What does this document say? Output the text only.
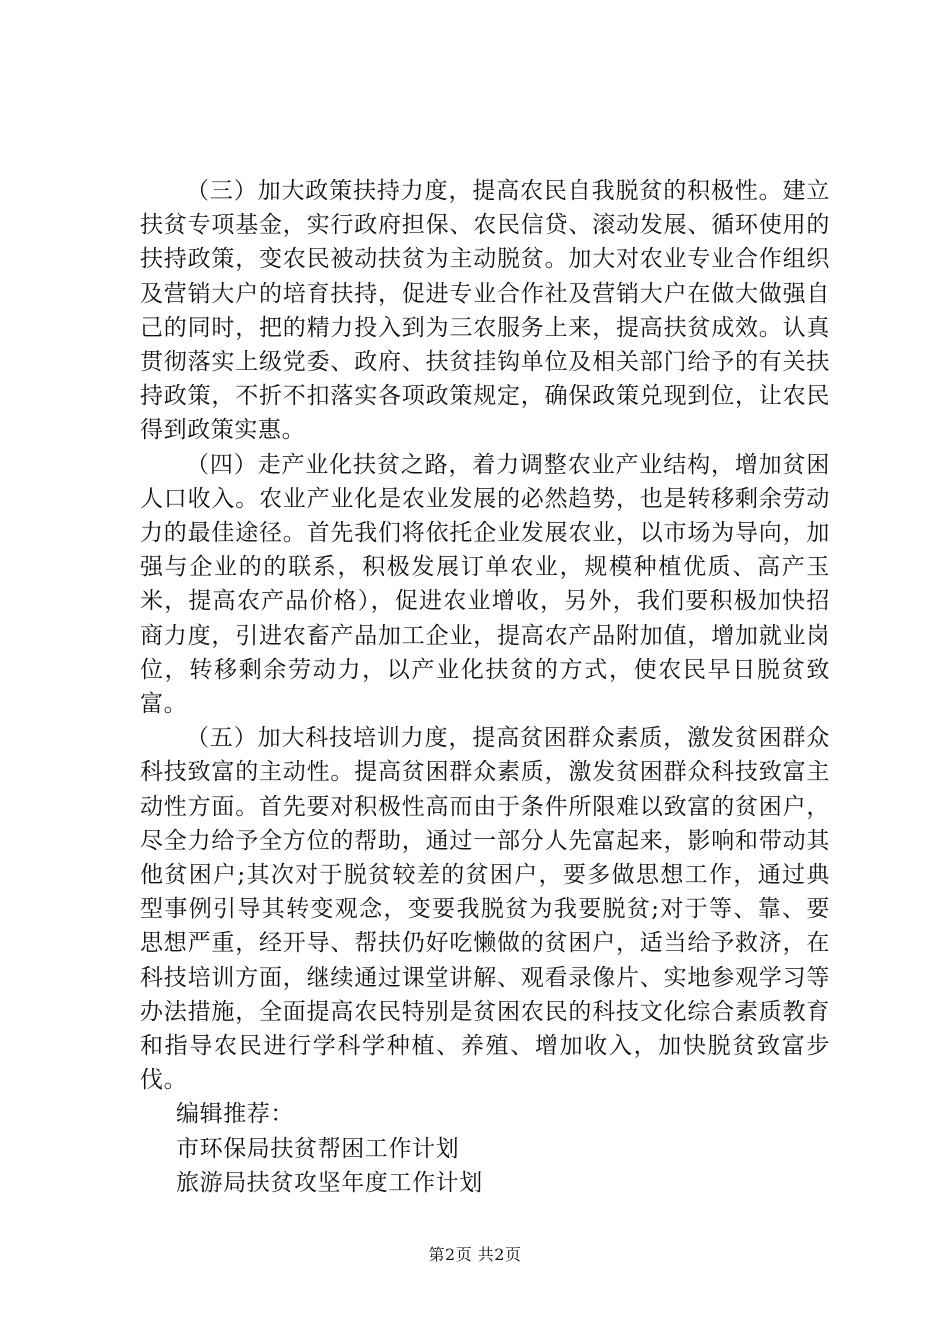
（三）加大政策扶持力度，提高农民自我脱贫的积极性。建立扶贫专项基金，实行政府担保、农民信贷、滚动发展、循环使用的扶持政策，变农民被动扶贫为主动脱贫。加大对农业专业合作组织及营销大户的培育扶持，促进专业合作社及营销大户在做大做强自己的同时，把的精力投入到为三农服务上来，提高扶贫成效。认真贯彻落实上级党委、政府、扶贫挂钩单位及相关部门给予的有关扶持政策，不折不扣落实各项政策规定，确保政策兑现到位，让农民得到政策实惠。

（四）走产业化扶贫之路，着力调整农业产业结构，增加贫困人口收入。农业产业化是农业发展的必然趋势，也是转移剩余劳动力的最佳途径。首先我们将依托企业发展农业，以市场为导向，加强与企业的的联系，积极发展订单农业，规模种植优质、高产玉米，提高农产品价格），促进农业增收，另外，我们要积极加快招商力度，引进农畜产品加工企业，提高农产品附加值，增加就业岗位，转移剩余劳动力，以产业化扶贫的方式，使农民早日脱贫致富。

（五）加大科技培训力度，提高贫困群众素质，激发贫困群众科技致富的主动性。提高贫困群众素质，激发贫困群众科技致富主动性方面。首先要对积极性高而由于条件所限难以致富的贫困户，尽全力给予全方位的帮助，通过一部分人先富起来，影响和带动其他贫困户;其次对于脱贫较差的贫困户，要多做思想工作，通过典型事例引导其转变观念，变要我脱贫为我要脱贫;对于等、靠、要思想严重，经开导、帮扶仍好吃懒做的贫困户，适当给予救济，在科技培训方面，继续通过课堂讲解、观看录像片、实地参观学习等办法措施，全面提高农民特别是贫困农民的科技文化综合素质教育和指导农民进行学科学种植、养殖、增加收入，加快脱贫致富步伐。

编辑推荐：
市环保局扶贫帮困工作计划
旅游局扶贫攻坚年度工作计划
第2页 共2页
